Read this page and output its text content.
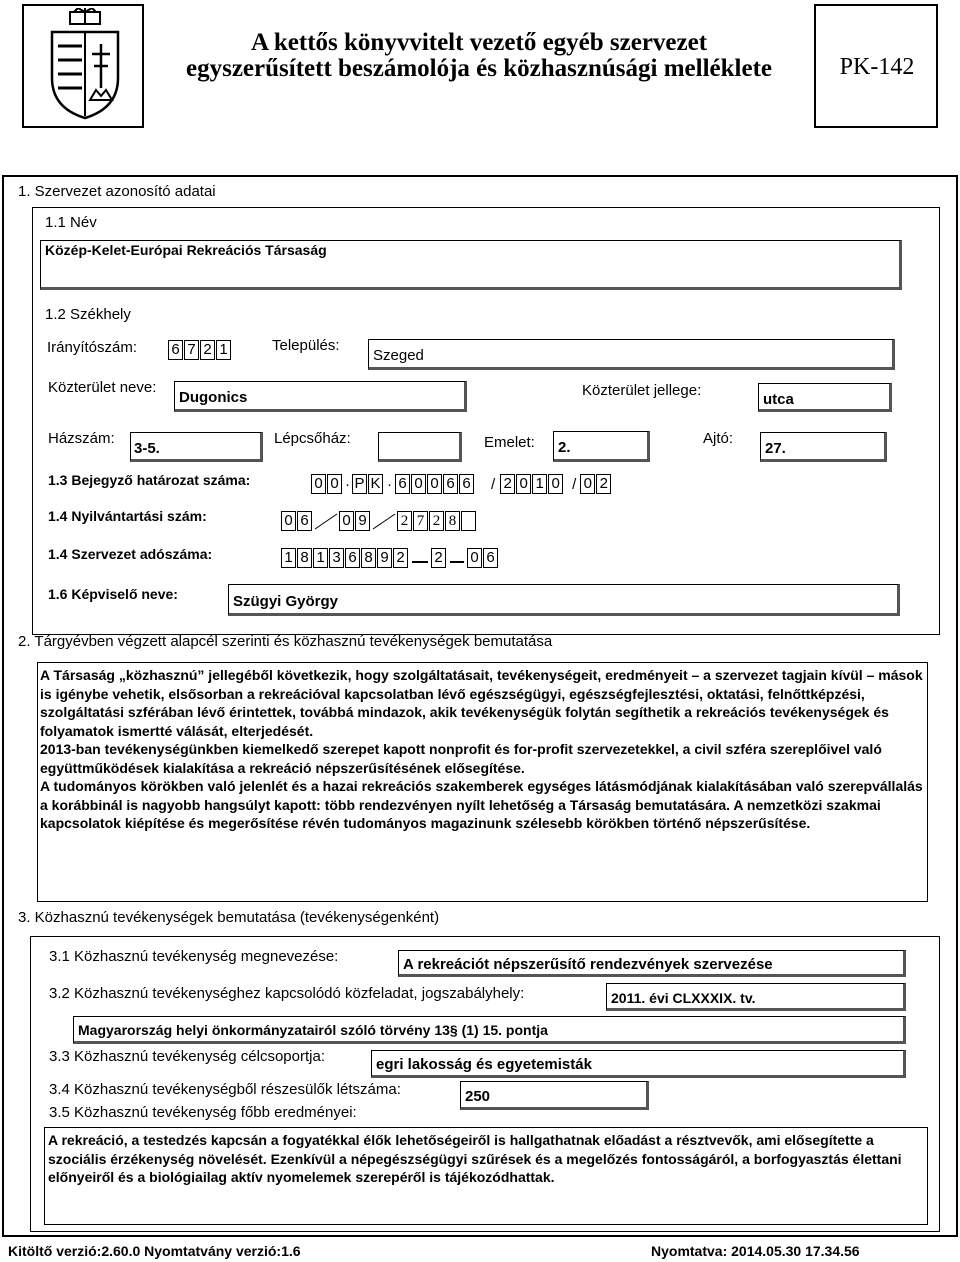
A kettős könyvvitelt vezető egyéb szervezet
egyszerűsített beszámolója és közhasznúsági melléklete	PK-142
1. Szervezet azonosító adatai
1.1 Név
Közép-Kelet-Európai Rekreációs Társaság
1.2 Székhely
Irányítószám: 6 7 2 1	Település:
Szeged
Közterület neve:
Dugonics	Közterület jellege:
utca
Házszám:
3-5.
Lépcsőház:	Emelet: 2.
Ajtó:
27.
1.3 Bejegyző határozat száma:	0 0 · P K · 6 0 0 6 6 / 2 0 1 0 / 0 2
1.4 Nyilvántartási szám:	0 6 0 9 2 7 2 8
1.4 Szervezet adószáma:	1 8 1 3 6 8 9 2 2 0 6
1.6 Képviselő neve:	Szügyi György
2. Tárgyévben végzett alapcél szerinti és közhasznú tevékenységek bemutatása

A Társaság „közhasznú” jellegéből következik, hogy szolgáltatásait, tevékenységeit, eredményeit – a szervezet tagjain kívül – mások is igénybe vehetik, elsősorban a rekreációval kapcsolatban lévő egészségügyi, egészségfejlesztési, oktatási, felnőttképzési, szolgáltatási szférában lévő érintettek, továbbá mindazok, akik tevékenységük folytán segíthetik a rekreációs tevékenységek és folyamatok ismertté válását, elterjedését.

2013-ban tevékenységünkben kiemelkedő szerepet kapott nonprofit és for-profit szervezetekkel, a civil szféra szereplőivel való együttműködések kialakítása a rekreáció népszerűsítésének elősegítése.

A tudományos körökben való jelenlét és a hazai rekreációs szakemberek egységes látásmódjának kialakításában való szerepvállalás a korábbinál is nagyobb hangsúlyt kapott: több rendezvényen nyílt lehetőség a Társaság bemutatására. A nemzetközi szakmai kapcsolatok kiépítése és megerősítése révén tudományos magazinunk szélesebb körökben történő népszerűsítése.

3. Közhasznú tevékenységek bemutatása (tevékenységenként)
3.1 Közhasznú tevékenység megnevezése:	A rekreációt népszerűsítő rendezvények szervezése
3.2 Közhasznú tevékenységhez kapcsolódó közfeladat, jogszabályhely:	2011. évi CLXXXIX. tv.
Magyarország helyi önkormányzatairól szóló törvény 13§ (1) 15. pontja
3.3 Közhasznú tevékenység célcsoportja:	egri lakosság és egyetemisták
3.4 Közhasznú tevékenységből részesülők létszáma:	250
3.5 Közhasznú tevékenység főbb eredményei:
A rekreáció, a testedzés kapcsán a fogyatékkal élők lehetőségeiről is hallgathatnak előadást a résztvevők, ami elősegítette a szociális érzékenység növelését. Ezenkívül a népegészségügyi szűrések és a megelőzés fontosságáról, a borfogyasztás élettani előnyeiről és a biológiailag aktív nyomelemek szerepéről is tájékozódhattak.
Kitöltő verzió:2.60.0 Nyomtatvány verzió:1.6	Nyomtatva: 2014.05.30 17.34.56
